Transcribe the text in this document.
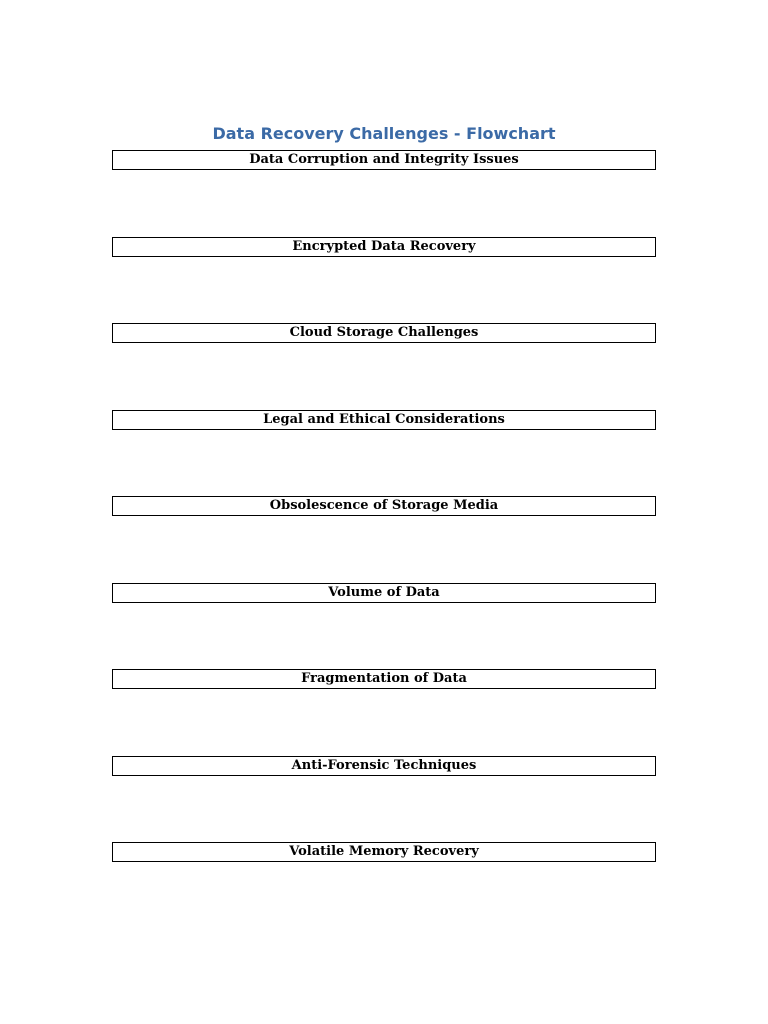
Data Recovery Challenges - Flowchart
Data Corruption and Integrity Issues
Encrypted Data Recovery
Cloud Storage Challenges
Legal and Ethical Considerations
Obsolescence of Storage Media
Volume of Data
Fragmentation of Data
Anti-Forensic Techniques
Volatile Memory Recovery
